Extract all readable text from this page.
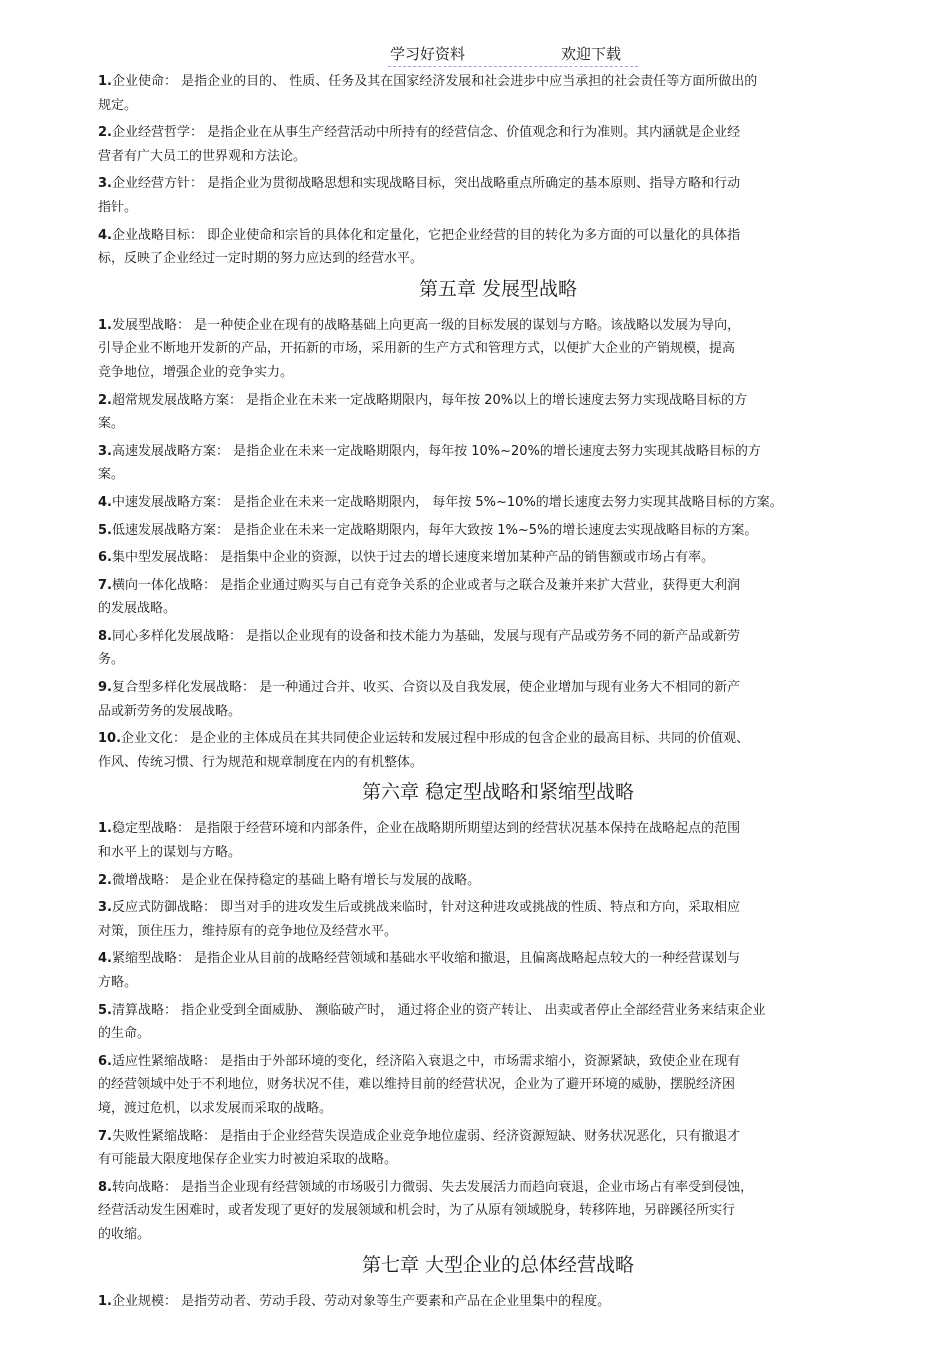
学习好资料	欢迎下载
1.企业使命： 是指企业的目的、 性质、任务及其在国家经济发展和社会进步中应当承担的社会责任等方面所做出的
规定。
2.企业经营哲学： 是指企业在从事生产经营活动中所持有的经营信念、价值观念和行为准则。其内涵就是企业经
营者有广大员工的世界观和方法论。
3.企业经营方针： 是指企业为贯彻战略思想和实现战略目标，突出战略重点所确定的基本原则、指导方略和行动
指针。
4.企业战略目标： 即企业使命和宗旨的具体化和定量化，它把企业经营的目的转化为多方面的可以量化的具体指
标，反映了企业经过一定时期的努力应达到的经营水平。
第五章 发展型战略
1.发展型战略： 是一种使企业在现有的战略基础上向更高一级的目标发展的谋划与方略。该战略以发展为导向，
引导企业不断地开发新的产品，开拓新的市场，采用新的生产方式和管理方式，以便扩大企业的产销规模，提高
竞争地位，增强企业的竞争实力。
2.超常规发展战略方案： 是指企业在未来一定战略期限内，每年按 20%以上的增长速度去努力实现战略目标的方
案。
3.高速发展战略方案： 是指企业在未来一定战略期限内，每年按 10%~20%的增长速度去努力实现其战略目标的方
案。
4.中速发展战略方案： 是指企业在未来一定战略期限内， 每年按 5%~10%的增长速度去努力实现其战略目标的方案。
5.低速发展战略方案： 是指企业在未来一定战略期限内，每年大致按 1%~5%的增长速度去实现战略目标的方案。
6.集中型发展战略： 是指集中企业的资源，以快于过去的增长速度来增加某种产品的销售额或市场占有率。
7.横向一体化战略： 是指企业通过购买与自己有竞争关系的企业或者与之联合及兼并来扩大营业，获得更大利润
的发展战略。
8.同心多样化发展战略： 是指以企业现有的设备和技术能力为基础，发展与现有产品或劳务不同的新产品或新劳
务。
9.复合型多样化发展战略： 是一种通过合并、收买、合资以及自我发展，使企业增加与现有业务大不相同的新产
品或新劳务的发展战略。
10.企业文化： 是企业的主体成员在其共同使企业运转和发展过程中形成的包含企业的最高目标、共同的价值观、
作风、传统习惯、行为规范和规章制度在内的有机整体。
第六章 稳定型战略和紧缩型战略
1.稳定型战略： 是指限于经营环境和内部条件，企业在战略期所期望达到的经营状况基本保持在战略起点的范围
和水平上的谋划与方略。
2.微增战略： 是企业在保持稳定的基础上略有增长与发展的战略。
3.反应式防御战略： 即当对手的进攻发生后或挑战来临时，针对这种进攻或挑战的性质、特点和方向，采取相应
对策，顶住压力，维持原有的竞争地位及经营水平。
4.紧缩型战略： 是指企业从目前的战略经营领域和基础水平收缩和撤退，且偏离战略起点较大的一种经营谋划与
方略。
5.清算战略： 指企业受到全面威胁、 濒临破产时， 通过将企业的资产转让、 出卖或者停止全部经营业务来结束企业
的生命。
6.适应性紧缩战略： 是指由于外部环境的变化，经济陷入衰退之中，市场需求缩小，资源紧缺，致使企业在现有
的经营领域中处于不利地位，财务状况不佳，难以维持目前的经营状况，企业为了避开环境的威胁，摆脱经济困
境，渡过危机，以求发展而采取的战略。
7.失败性紧缩战略： 是指由于企业经营失误造成企业竞争地位虚弱、经济资源短缺、财务状况恶化，只有撤退才
有可能最大限度地保存企业实力时被迫采取的战略。
8.转向战略： 是指当企业现有经营领域的市场吸引力微弱、失去发展活力而趋向衰退，企业市场占有率受到侵蚀，
经营活动发生困难时，或者发现了更好的发展领域和机会时，为了从原有领域脱身，转移阵地，另辟蹊径所实行
的收缩。
第七章 大型企业的总体经营战略
1.企业规模： 是指劳动者、劳动手段、劳动对象等生产要素和产品在企业里集中的程度。
